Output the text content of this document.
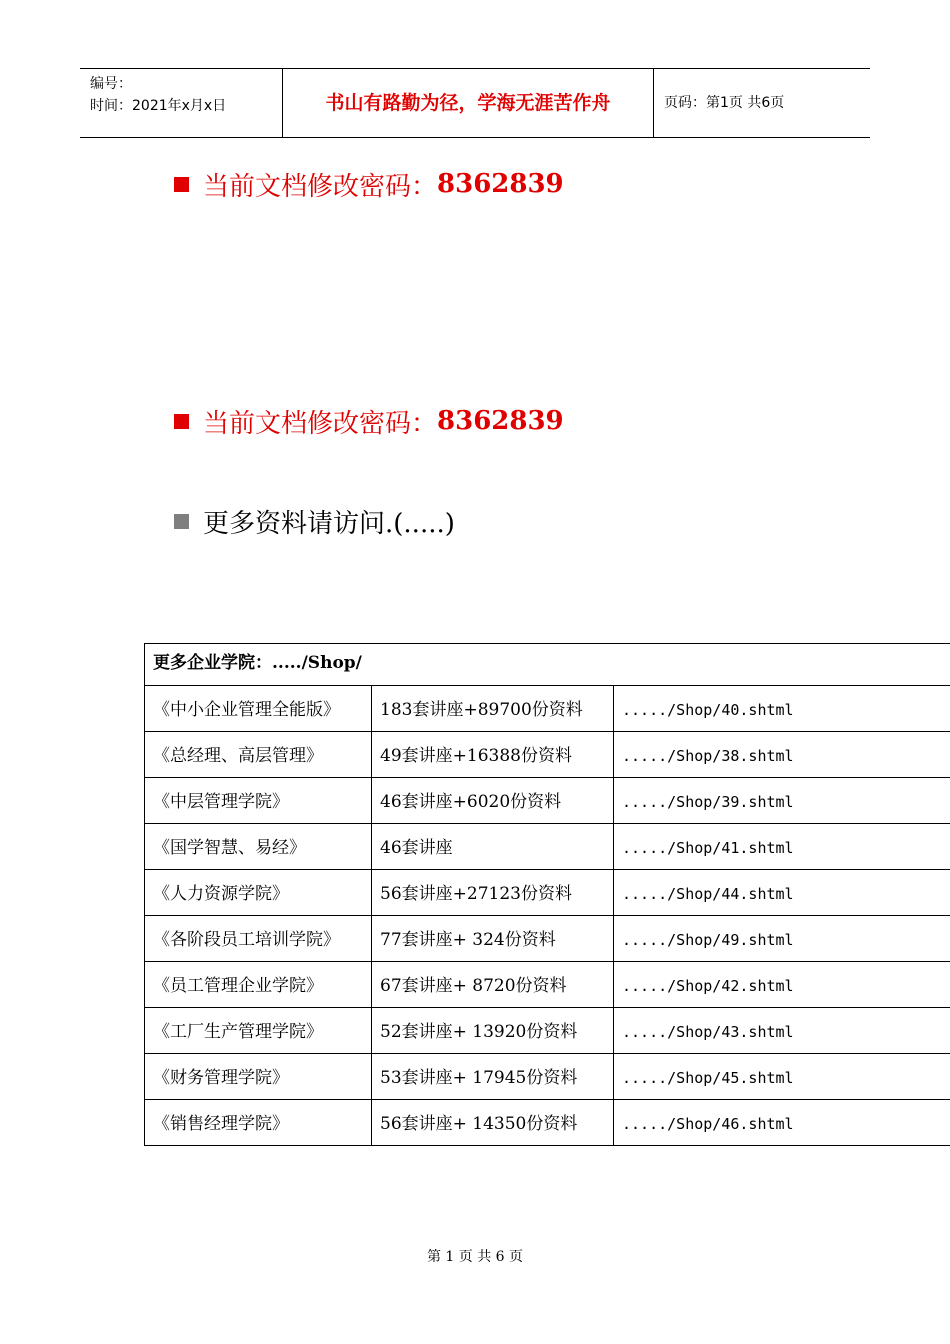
编号：
时间：2021年x月x日	书山有路勤为径，学海无涯苦作舟	页码：第1页 共6页
当前文档修改密码： 8362839
当前文档修改密码： 8362839
更多资料请访问.(.....)
更多企业学院：...../Shop/		
《中小企业管理全能版》	183套讲座+89700份资料	...../Shop/40.shtml
《总经理、高层管理》	49套讲座+16388份资料	...../Shop/38.shtml
《中层管理学院》	46套讲座+6020份资料	...../Shop/39.shtml
《国学智慧、易经》	46套讲座	...../Shop/41.shtml
《人力资源学院》	56套讲座+27123份资料	...../Shop/44.shtml
《各阶段员工培训学院》	77套讲座+ 324份资料	...../Shop/49.shtml
《员工管理企业学院》	67套讲座+ 8720份资料	...../Shop/42.shtml
《工厂生产管理学院》	52套讲座+ 13920份资料	...../Shop/43.shtml
《财务管理学院》	53套讲座+ 17945份资料	...../Shop/45.shtml
《销售经理学院》	56套讲座+ 14350份资料	...../Shop/46.shtml
第 1 页 共 6 页
